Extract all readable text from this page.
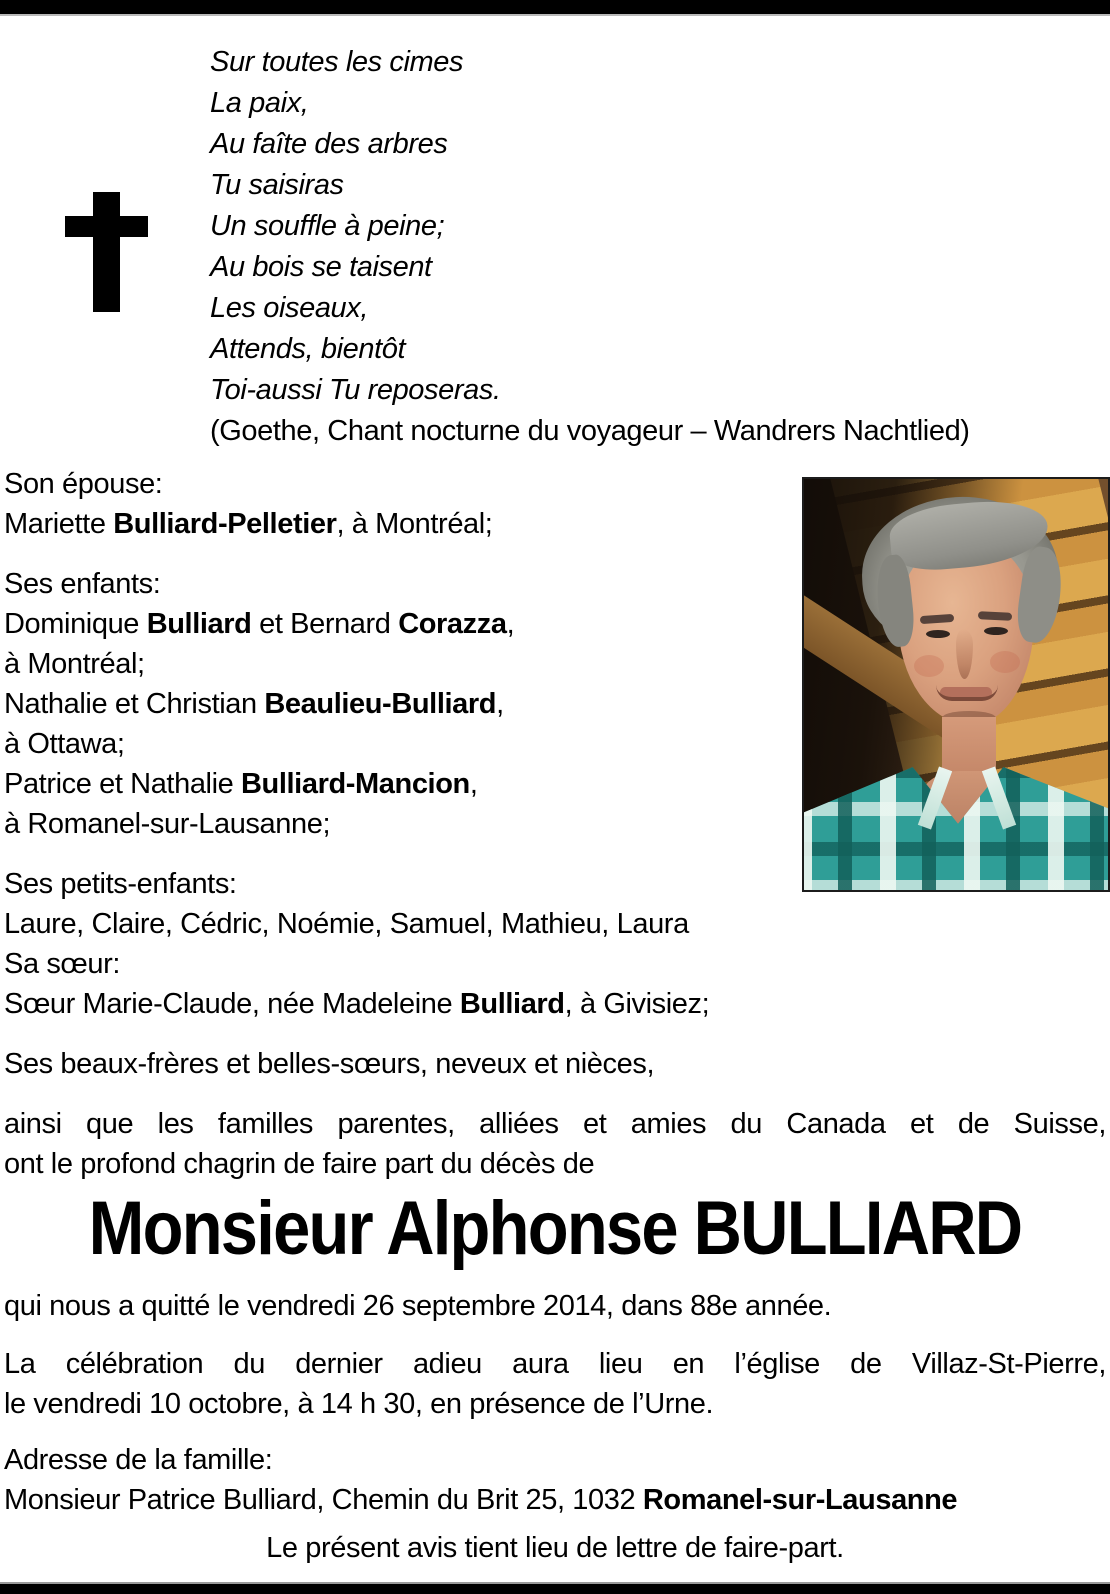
Sur toutes les cimes
La paix,
Au faîte des arbres
Tu saisiras
Un souffle à peine;
Au bois se taisent
Les oiseaux,
Attends, bientôt
Toi-aussi Tu reposeras.
(Goethe, Chant nocturne du voyageur – Wandrers Nachtlied)

Son épouse:
Mariette Bulliard-Pelletier, à Montréal;

Ses enfants:
Dominique Bulliard et Bernard Corazza,
à Montréal;
Nathalie et Christian Beaulieu-Bulliard,
à Ottawa;
Patrice et Nathalie Bulliard-Mancion,
à Romanel-sur-Lausanne;

Ses petits-enfants:
Laure, Claire, Cédric, Noémie, Samuel, Mathieu, Laura
Sa sœur:
Sœur Marie-Claude, née Madeleine Bulliard, à Givisiez;

Ses beaux-frères et belles-sœurs, neveux et nièces,

ainsi que les familles parentes, alliées et amies du Canada et de Suisse,
ont le profond chagrin de faire part du décès de

Monsieur Alphonse BULLIARD

qui nous a quitté le vendredi 26 septembre 2014, dans 88e année.

La célébration du dernier adieu aura lieu en l’église de Villaz-St-Pierre,
le vendredi 10 octobre, à 14 h 30, en présence de l’Urne.

Adresse de la famille:
Monsieur Patrice Bulliard, Chemin du Brit 25, 1032 Romanel-sur-Lausanne

Le présent avis tient lieu de lettre de faire-part.
